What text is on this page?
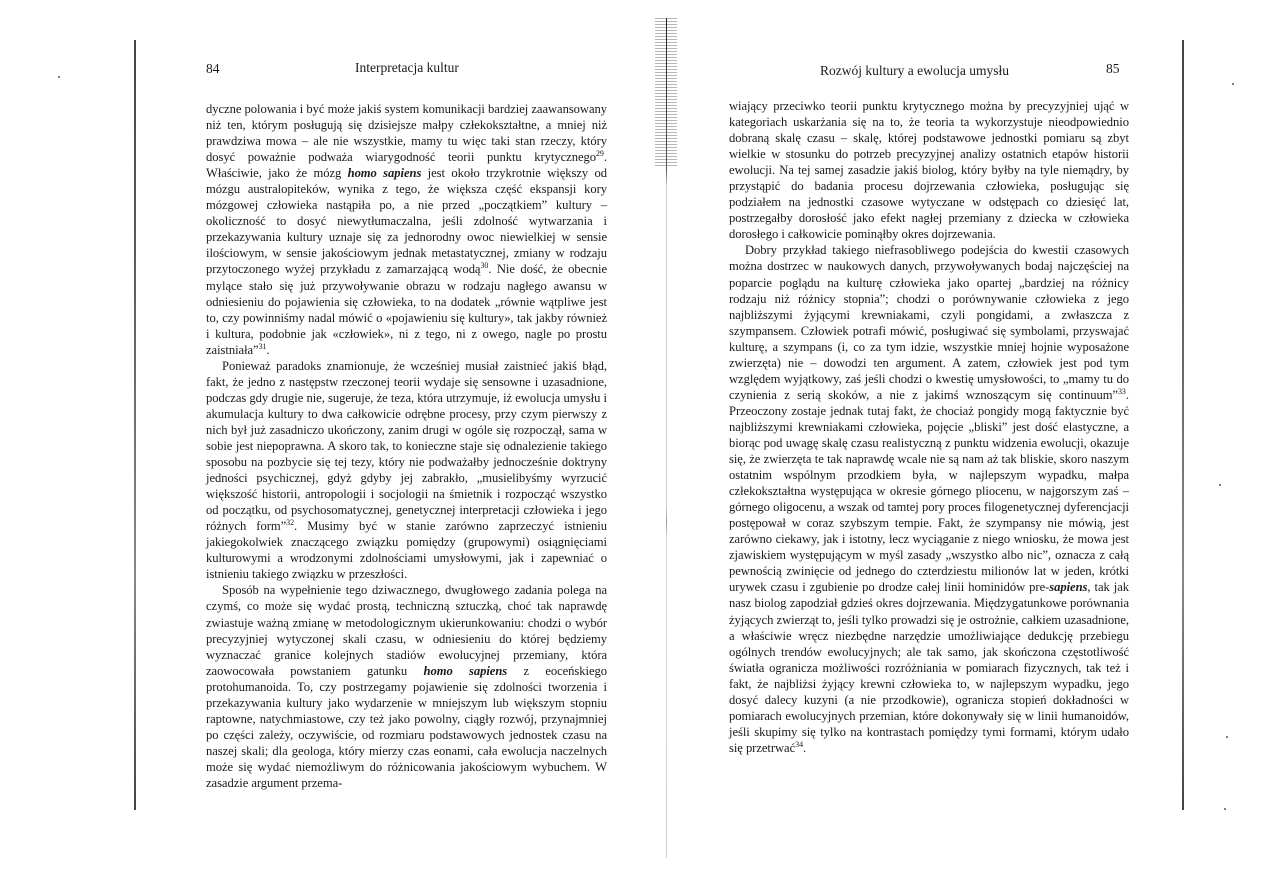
84	Interpretacja kultur

dyczne polowania i być może jakiś system komunikacji bardziej zaawansowany niż ten, którym posługują się dzisiejsze małpy człekokształtne, a mniej niż prawdziwa mowa – ale nie wszystkie, mamy tu więc taki stan rzeczy, który dosyć poważnie podważa wiarygodność teorii punktu krytycznego$^{29}$. Właściwie, jako że mózg homo sapiens jest około trzykrotnie większy od mózgu australopiteków, wynika z tego, że większa część ekspansji kory mózgowej człowieka nastąpiła po, a nie przed „początkiem” kultury – okoliczność to dosyć niewytłumaczalna, jeśli zdolność wytwarzania i przekazywania kultury uznaje się za jednorodny owoc niewielkiej w sensie ilościowym, w sensie jakościowym jednak metastatycznej, zmiany w rodzaju przytoczonego wyżej przykładu z zamarzającą wodą$^{30}$. Nie dość, że obecnie mylące stało się już przywoływanie obrazu w rodzaju nagłego awansu w odniesieniu do pojawienia się człowieka, to na dodatek „równie wątpliwe jest to, czy powinniśmy nadal mówić o «pojawieniu się kultury», tak jakby również i kultura, podobnie jak «człowiek», ni z tego, ni z owego, nagle po prostu zaistniała”$^{31}$.

Ponieważ paradoks znamionuje, że wcześniej musiał zaistnieć jakiś błąd, fakt, że jedno z następstw rzeczonej teorii wydaje się sensowne i uzasadnione, podczas gdy drugie nie, sugeruje, że teza, która utrzymuje, iż ewolucja umysłu i akumulacja kultury to dwa całkowicie odrębne procesy, przy czym pierwszy z nich był już zasadniczo ukończony, zanim drugi w ogóle się rozpoczął, sama w sobie jest niepoprawna. A skoro tak, to konieczne staje się odnalezienie takiego sposobu na pozbycie się tej tezy, który nie podważałby jednocześnie doktryny jedności psychicznej, gdyż gdyby jej zabrakło, „musielibyśmy wyrzucić większość historii, antropologii i socjologii na śmietnik i rozpocząć wszystko od początku, od psychosomatycznej, genetycznej interpretacji człowieka i jego różnych form”$^{32}$. Musimy być w stanie zarówno zaprzeczyć istnieniu jakiegokolwiek znaczącego związku pomiędzy (grupowymi) osiągnięciami kulturowymi a wrodzonymi zdolnościami umysłowymi, jak i zapewniać o istnieniu takiego związku w przeszłości.

Sposób na wypełnienie tego dziwacznego, dwugłowego zadania polega na czymś, co może się wydać prostą, techniczną sztuczką, choć tak naprawdę zwiastuje ważną zmianę w metodologicznym ukierunkowaniu: chodzi o wybór precyzyjniej wytyczonej skali czasu, w odniesieniu do której będziemy wyznaczać granice kolejnych stadiów ewolucyjnej przemiany, która zaowocowała powstaniem gatunku homo sapiens z eoceńskiego protohumanoida. To, czy postrzegamy pojawienie się zdolności tworzenia i przekazywania kultury jako wydarzenie w mniejszym lub większym stopniu raptowne, natychmiastowe, czy też jako powolny, ciągły rozwój, przynajmniej po części zależy, oczywiście, od rozmiaru podstawowych jednostek czasu na naszej skali; dla geologa, który mierzy czas eonami, cała ewolucja naczelnych może się wydać niemożliwym do różnicowania jakościowym wybuchem. W zasadzie argument przema-

Rozwój kultury a ewolucja umysłu	85

wiający przeciwko teorii punktu krytycznego można by precyzyjniej ująć w kategoriach uskarżania się na to, że teoria ta wykorzystuje nieodpowiednio dobraną skalę czasu – skalę, której podstawowe jednostki pomiaru są zbyt wielkie w stosunku do potrzeb precyzyjnej analizy ostatnich etapów historii ewolucji. Na tej samej zasadzie jakiś biolog, który byłby na tyle niemądry, by przystąpić do badania procesu dojrzewania człowieka, posługując się podziałem na jednostki czasowe wytyczane w odstępach co dziesięć lat, postrzegałby dorosłość jako efekt nagłej przemiany z dziecka w człowieka dorosłego i całkowicie pominąłby okres dojrzewania.

Dobry przykład takiego niefrasobliwego podejścia do kwestii czasowych można dostrzec w naukowych danych, przywoływanych bodaj najczęściej na poparcie poglądu na kulturę człowieka jako opartej „bardziej na różnicy rodzaju niż różnicy stopnia”; chodzi o porównywanie człowieka z jego najbliższymi żyjącymi krewniakami, czyli pongidami, a zwłaszcza z szympansem. Człowiek potrafi mówić, posługiwać się symbolami, przyswajać kulturę, a szympans (i, co za tym idzie, wszystkie mniej hojnie wyposażone zwierzęta) nie – dowodzi ten argument. A zatem, człowiek jest pod tym względem wyjątkowy, zaś jeśli chodzi o kwestię umysłowości, to „mamy tu do czynienia z serią skoków, a nie z jakimś wznoszącym się continuum”$^{33}$. Przeoczony zostaje jednak tutaj fakt, że chociaż pongidy mogą faktycznie być najbliższymi krewniakami człowieka, pojęcie „bliski” jest dość elastyczne, a biorąc pod uwagę skalę czasu realistyczną z punktu widzenia ewolucji, okazuje się, że zwierzęta te tak naprawdę wcale nie są nam aż tak bliskie, skoro naszym ostatnim wspólnym przodkiem była, w najlepszym wypadku, małpa człekokształtna występująca w okresie górnego pliocenu, w najgorszym zaś – górnego oligocenu, a wszak od tamtej pory proces filogenetycznej dyferencjacji postępował w coraz szybszym tempie. Fakt, że szympansy nie mówią, jest zarówno ciekawy, jak i istotny, lecz wyciąganie z niego wniosku, że mowa jest zjawiskiem występującym w myśl zasady „wszystko albo nic”, oznacza z całą pewnością zwinięcie od jednego do czterdziestu milionów lat w jeden, krótki urywek czasu i zgubienie po drodze całej linii hominidów pre-sapiens, tak jak nasz biolog zapodział gdzieś okres dojrzewania. Międzygatunkowe porównania żyjących zwierząt to, jeśli tylko prowadzi się je ostrożnie, całkiem uzasadnione, a właściwie wręcz niezbędne narzędzie umożliwiające dedukcję przebiegu ogólnych trendów ewolucyjnych; ale tak samo, jak skończona częstotliwość światła ogranicza możliwości rozróżniania w pomiarach fizycznych, tak też i fakt, że najbliżsi żyjący krewni człowieka to, w najlepszym wypadku, jego dosyć dalecy kuzyni (a nie przodkowie), ogranicza stopień dokładności w pomiarach ewolucyjnych przemian, które dokonywały się w linii humanoidów, jeśli skupimy się tylko na kontrastach pomiędzy tymi formami, którym udało się przetrwać$^{34}$.
